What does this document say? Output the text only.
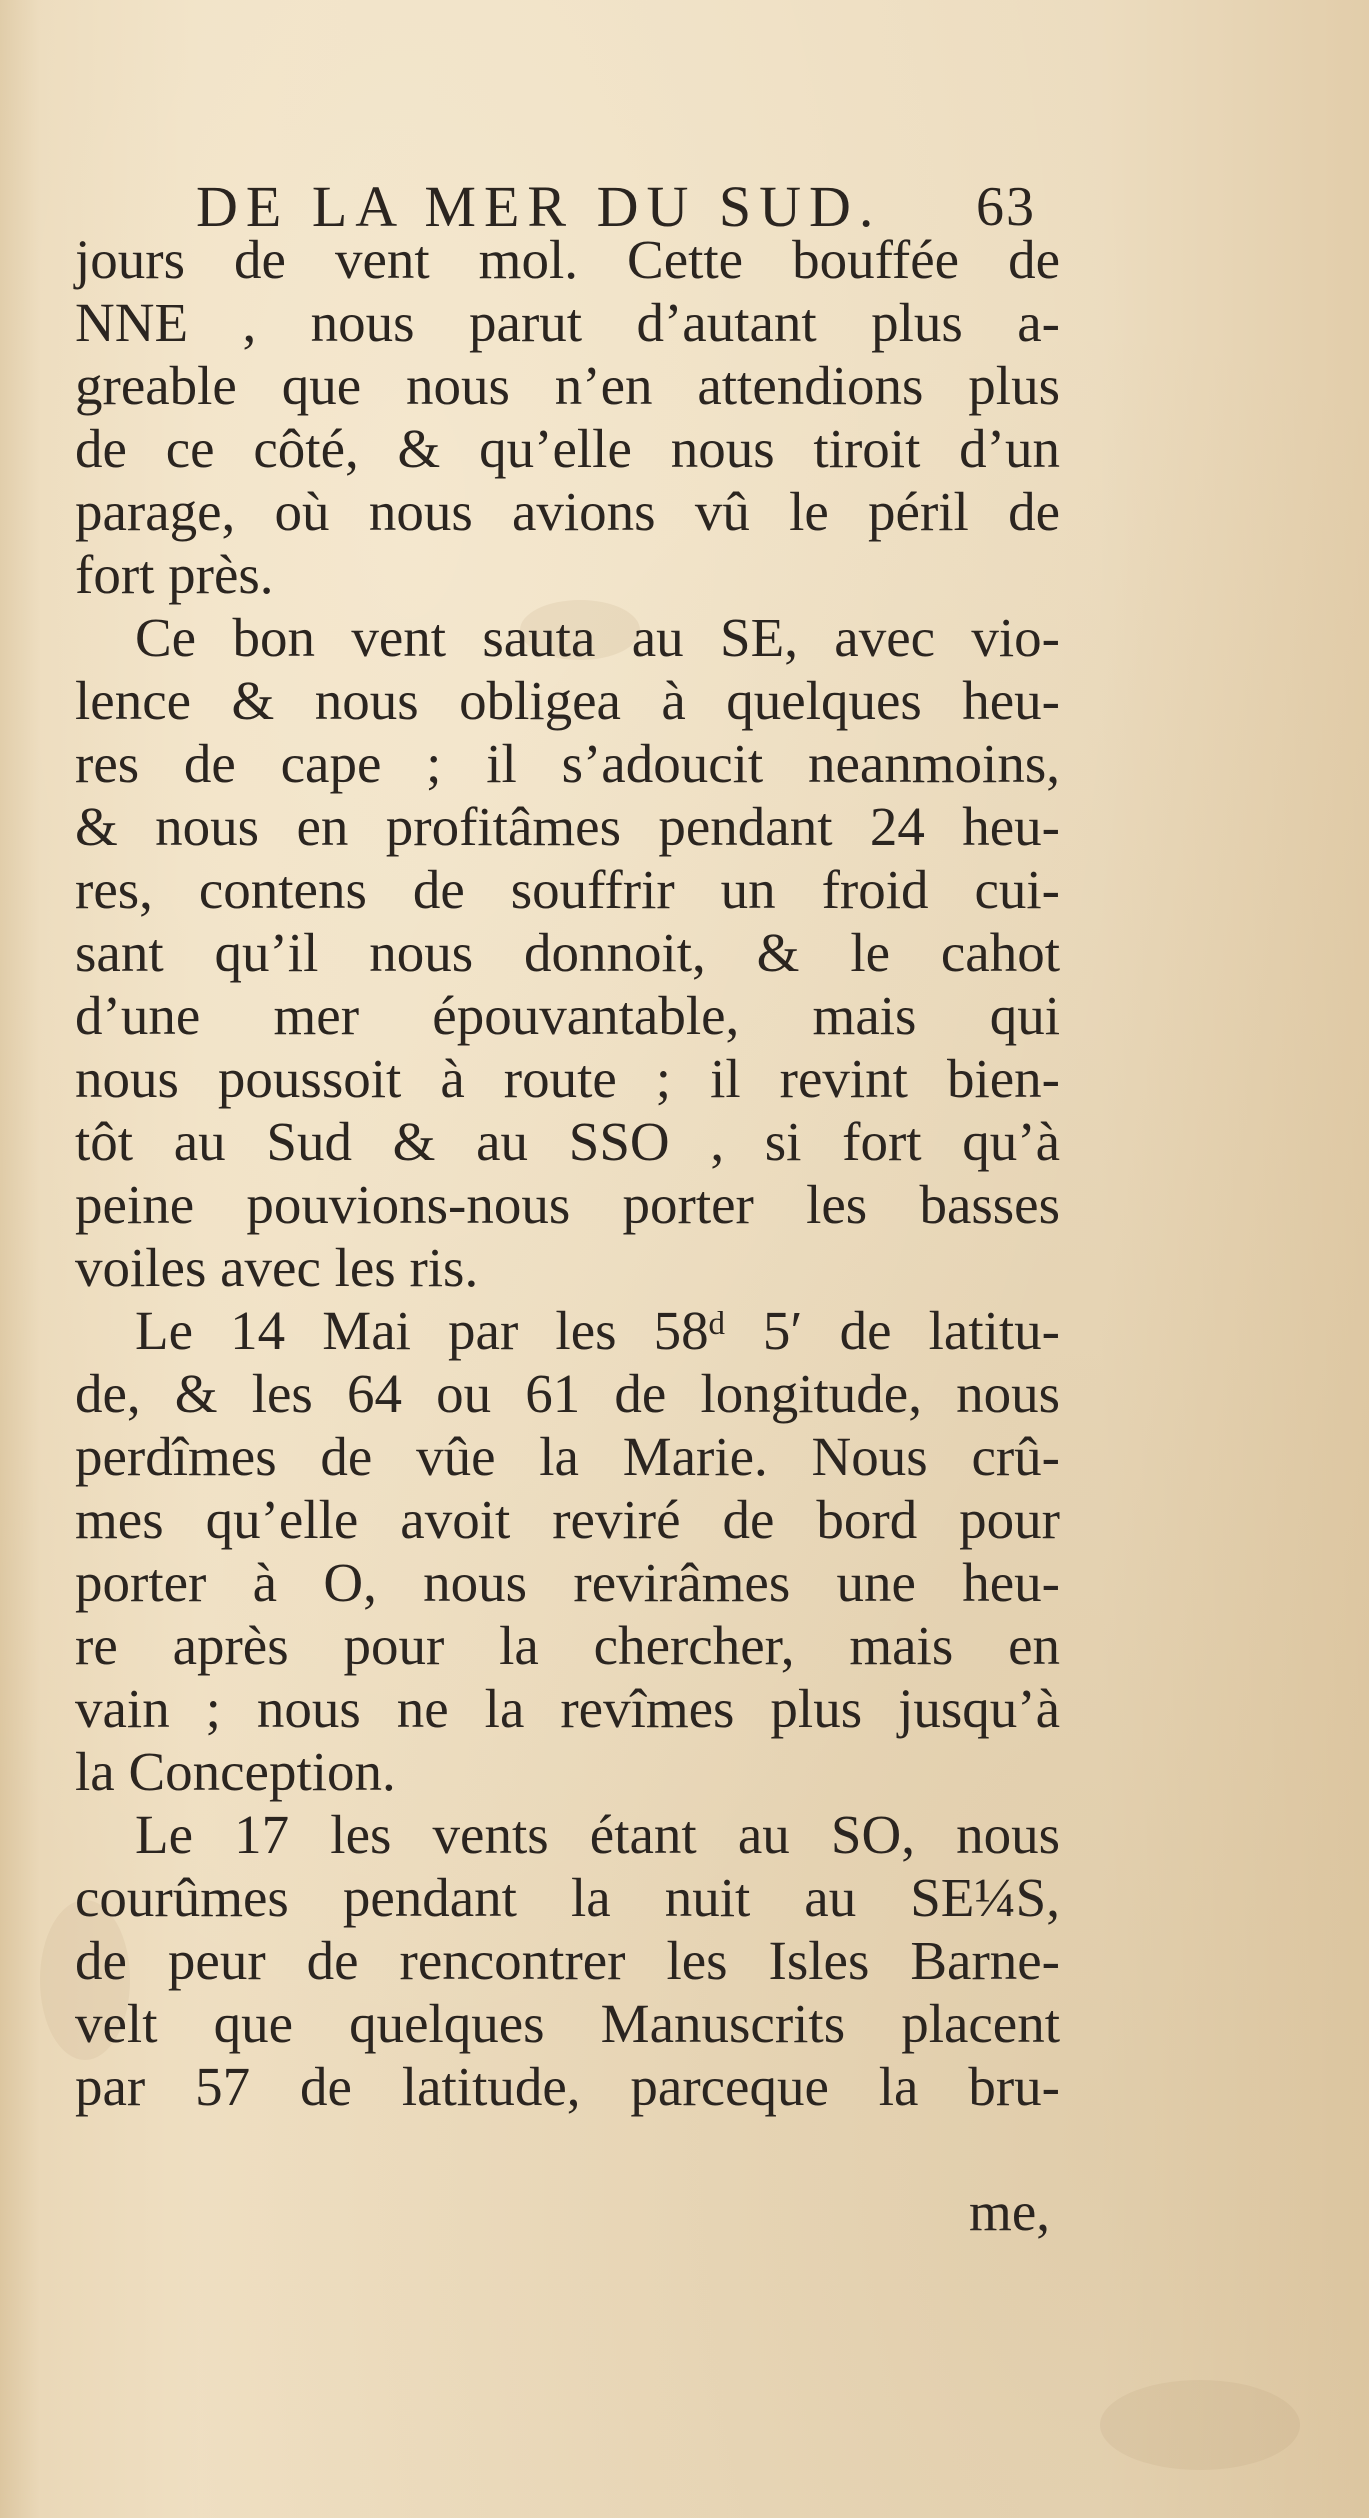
DE LA MER DU SUD. 63
jours de vent mol. Cette bouffée de
NNE , nous parut d’autant plus a-
greable que nous n’en attendions plus
de ce côté, & qu’elle nous tiroit d’un
parage, où nous avions vû le péril de
fort près.
Ce bon vent sauta au SE, avec vio-
lence & nous obligea à quelques heu-
res de cape ; il s’adoucit neanmoins,
& nous en profitâmes pendant 24 heu-
res, contens de souffrir un froid cui-
sant qu’il nous donnoit, & le cahot
d’une mer épouvantable, mais qui
nous poussoit à route ; il revint bien-
tôt au Sud & au SSO , si fort qu’à
peine pouvions-nous porter les basses
voiles avec les ris.
Le 14 Mai par les 58ᵈ 5′ de latitu-
de, & les 64 ou 61 de longitude, nous
perdîmes de vûe la Marie. Nous crû-
mes qu’elle avoit reviré de bord pour
porter à O, nous revirâmes une heu-
re après pour la chercher, mais en
vain ; nous ne la revîmes plus jusqu’à
la Conception.
Le 17 les vents étant au SO, nous
courûmes pendant la nuit au SE¼S,
de peur de rencontrer les Isles Barne-
velt que quelques Manuscrits placent
par 57 de latitude, parceque la bru-
me,
